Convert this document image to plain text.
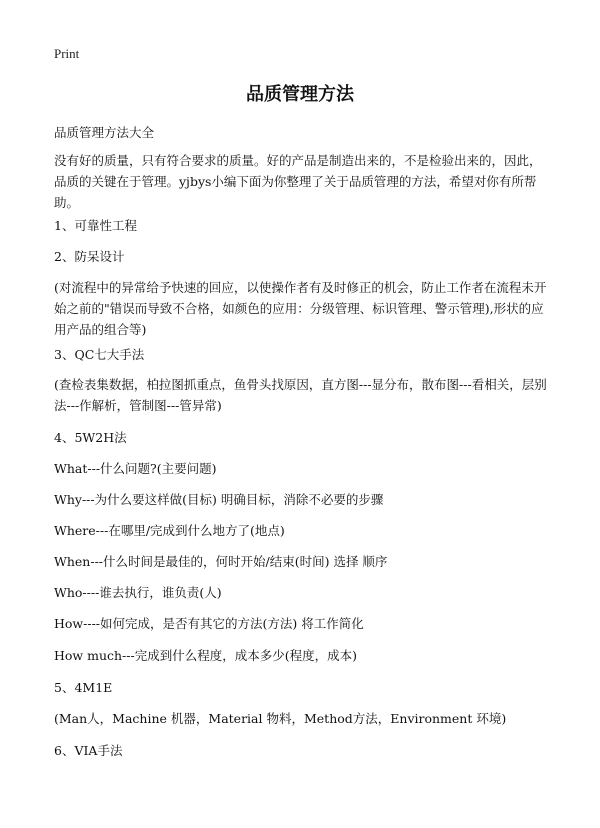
Print
品质管理方法

品质管理方法大全

没有好的质量，只有符合要求的质量。好的产品是制造出来的，不是检验出来的，因此，品质的关键在于管理。yjbys小编下面为你整理了关于品质管理的方法，希望对你有所帮助。

1、可靠性工程

2、防呆设计

(对流程中的异常给予快速的回应，以使操作者有及时修正的机会，防止工作者在流程未开始之前的"错误而导致不合格，如颜色的应用：分级管理、标识管理、警示管理),形状的应用产品的组合等)

3、QC七大手法

(查检表集数据，柏拉图抓重点，鱼骨头找原因，直方图---显分布，散布图---看相关，层别法---作解析，管制图---管异常)

4、5W2H法

What---什么问题?(主要问题)

Why---为什么要这样做(目标) 明确目标，消除不必要的步骤

Where---在哪里/完成到什么地方了(地点)

When---什么时间是最佳的，何时开始/结束(时间) 选择 顺序

Who----谁去执行，谁负责(人)

How----如何完成，是否有其它的方法(方法) 将工作简化

How much---完成到什么程度，成本多少(程度，成本)

5、4M1E

(Man人，Machine 机器，Material 物料，Method方法，Environment 环境)

6、VIA手法
